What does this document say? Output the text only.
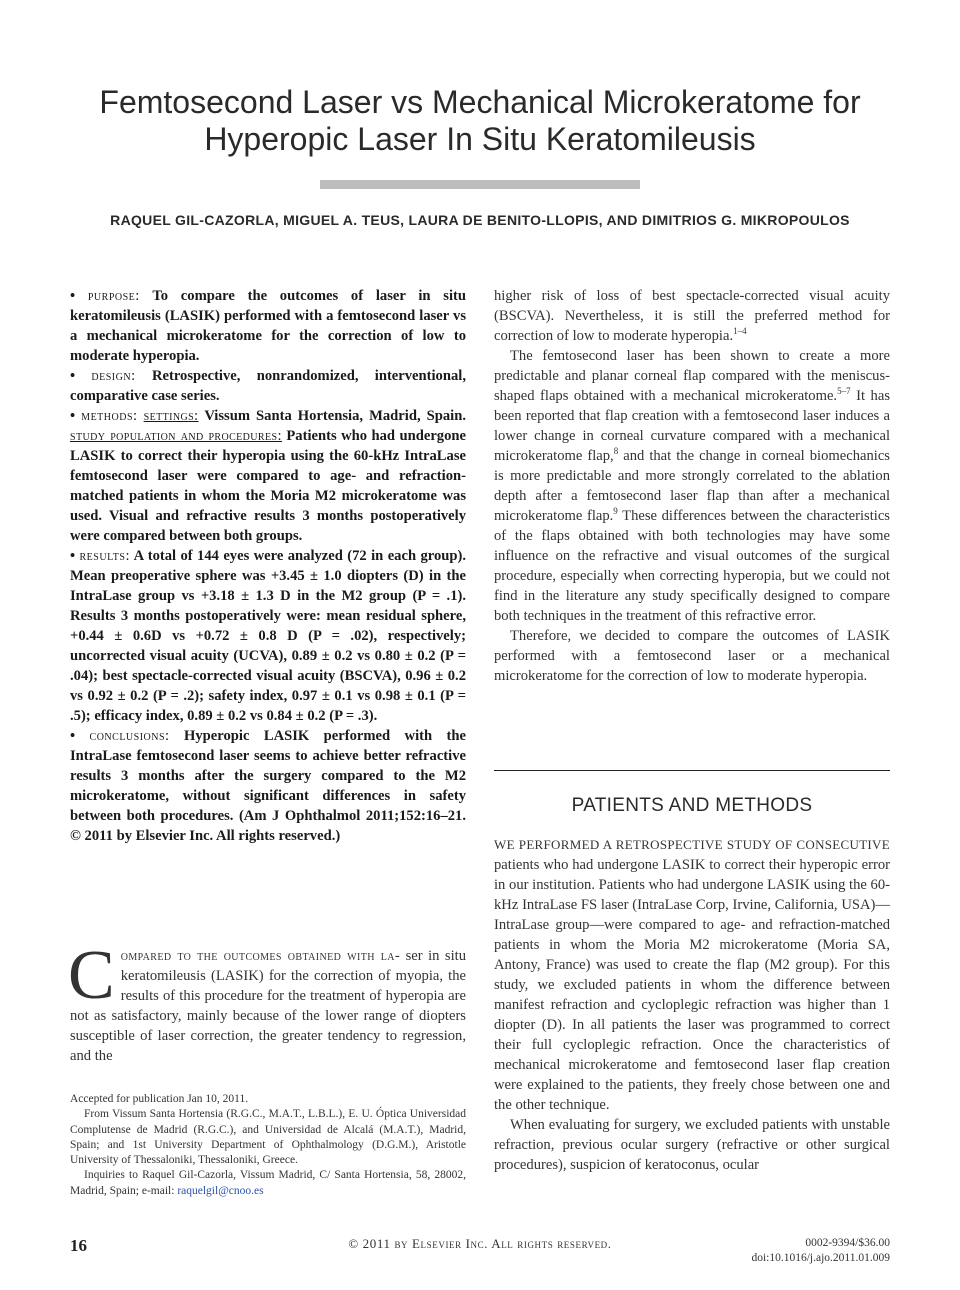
Femtosecond Laser vs Mechanical Microkeratome for Hyperopic Laser In Situ Keratomileusis
RAQUEL GIL-CAZORLA, MIGUEL A. TEUS, LAURA DE BENITO-LLOPIS, AND DIMITRIOS G. MIKROPOULOS

• purpose: To compare the outcomes of laser in situ keratomileusis (LASIK) performed with a femtosecond laser vs a mechanical microkeratome for the correction of low to moderate hyperopia.

• design: Retrospective, nonrandomized, interventional, comparative case series.

• methods: settings: Vissum Santa Hortensia, Madrid, Spain. study population and procedures: Patients who had undergone LASIK to correct their hyperopia using the 60-kHz IntraLase femtosecond laser were compared to age- and refraction-matched patients in whom the Moria M2 microkeratome was used. Visual and refractive results 3 months postoperatively were compared between both groups.

• results: A total of 144 eyes were analyzed (72 in each group). Mean preoperative sphere was +3.45 ± 1.0 diopters (D) in the IntraLase group vs +3.18 ± 1.3 D in the M2 group (P = .1). Results 3 months postoperatively were: mean residual sphere, +0.44 ± 0.6D vs +0.72 ± 0.8 D (P = .02), respectively; uncorrected visual acuity (UCVA), 0.89 ± 0.2 vs 0.80 ± 0.2 (P = .04); best spectacle-corrected visual acuity (BSCVA), 0.96 ± 0.2 vs 0.92 ± 0.2 (P = .2); safety index, 0.97 ± 0.1 vs 0.98 ± 0.1 (P = .5); efficacy index, 0.89 ± 0.2 vs 0.84 ± 0.2 (P = .3).

• conclusions: Hyperopic LASIK performed with the IntraLase femtosecond laser seems to achieve better refractive results 3 months after the surgery compared to the M2 microkeratome, without significant differences in safety between both procedures. (Am J Ophthalmol 2011;152:16–21. © 2011 by Elsevier Inc. All rights reserved.)

C ompared to the outcomes obtained with la- ser in situ keratomileusis (LASIK) for the correction of myopia, the results of this procedure for the treatment of hyperopia are not as satisfactory, mainly because of the lower range of diopters susceptible of laser correction, the greater tendency to regression, and the

higher risk of loss of best spectacle-corrected visual acuity (BSCVA). Nevertheless, it is still the preferred method for correction of low to moderate hyperopia.$^{1-4}$

The femtosecond laser has been shown to create a more predictable and planar corneal flap compared with the meniscus-shaped flaps obtained with a mechanical microkeratome.$^{5-7}$ It has been reported that flap creation with a femtosecond laser induces a lower change in corneal curvature compared with a mechanical microkeratome flap,$^8$ and that the change in corneal biomechanics is more predictable and more strongly correlated to the ablation depth after a femtosecond laser flap than after a mechanical microkeratome flap.$^9$ These differences between the characteristics of the flaps obtained with both technologies may have some influence on the refractive and visual outcomes of the surgical procedure, especially when correcting hyperopia, but we could not find in the literature any study specifically designed to compare both techniques in the treatment of this refractive error.

Therefore, we decided to compare the outcomes of LASIK performed with a femtosecond laser or a mechanical microkeratome for the correction of low to moderate hyperopia.

PATIENTS AND METHODS

WE PERFORMED A RETROSPECTIVE STUDY OF CONSECUTIVE patients who had undergone LASIK to correct their hyperopic error in our institution. Patients who had undergone LASIK using the 60-kHz IntraLase FS laser (IntraLase Corp, Irvine, California, USA)—IntraLase group—were compared to age- and refraction-matched patients in whom the Moria M2 microkeratome (Moria SA, Antony, France) was used to create the flap (M2 group). For this study, we excluded patients in whom the difference between manifest refraction and cycloplegic refraction was higher than 1 diopter (D). In all patients the laser was programmed to correct their full cycloplegic refraction. Once the characteristics of mechanical microkeratome and femtosecond laser flap creation were explained to the patients, they freely chose between one and the other technique.

When evaluating for surgery, we excluded patients with unstable refraction, previous ocular surgery (refractive or other surgical procedures), suspicion of keratoconus, ocular

Accepted for publication Jan 10, 2011.

From Vissum Santa Hortensia (R.G.C., M.A.T., L.B.L.), E. U. Óptica Universidad Complutense de Madrid (R.G.C.), and Universidad de Alcalá (M.A.T.), Madrid, Spain; and 1st University Department of Ophthalmology (D.G.M.), Aristotle University of Thessaloniki, Thessaloniki, Greece.

Inquiries to Raquel Gil-Cazorla, Vissum Madrid, C/ Santa Hortensia, 58, 28002, Madrid, Spain; e-mail: raquelgil@cnoo.es

16	© 2011 by Elsevier Inc. All rights reserved.	0002-9394/$36.00
doi:10.1016/j.ajo.2011.01.009
